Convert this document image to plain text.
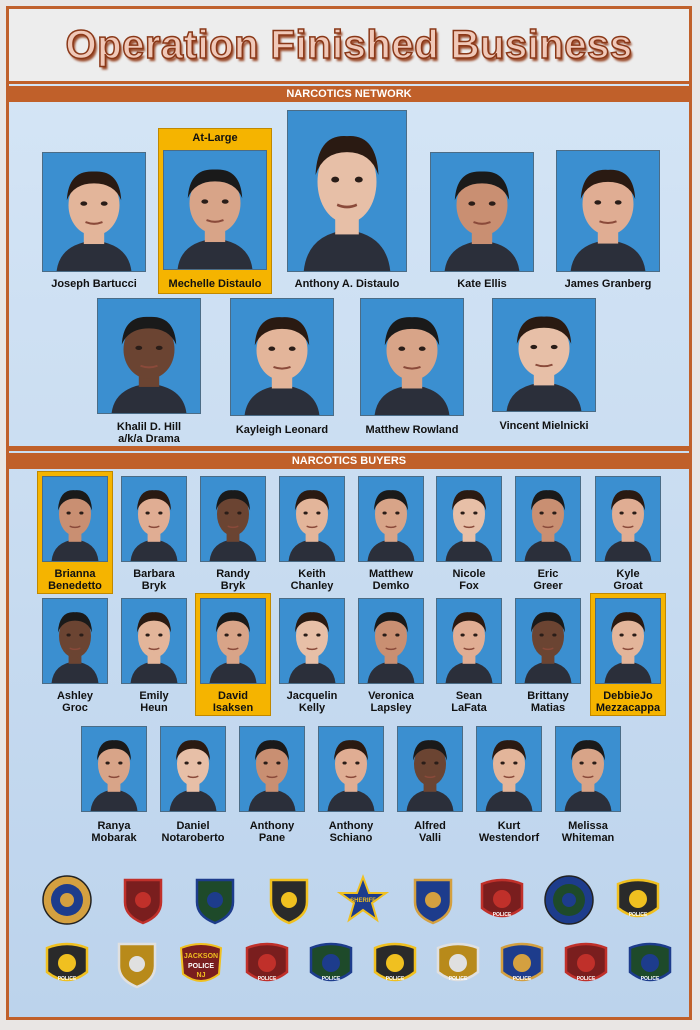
Operation Finished Business
NARCOTICS NETWORK
NARCOTICS BUYERS
Joseph Bartucci
At-Large
Mechelle Distaulo	Anthony A. Distaulo	Kate Ellis	James Granberg
Khalil D. Hill
a/k/a Drama
Kayleigh Leonard	Matthew Rowland	Vincent Mielnicki
Brianna
Benedetto
Barbara
Bryk
Randy
Bryk
Keith
Chanley
Matthew
Demko
Nicole
Fox
Eric
Greer
Kyle
Groat
Ashley
Groc
Emily
Heun
David
Isaksen
Jacquelin
Kelly
Veronica
Lapsley
Sean
LaFata
Brittany
Matias
DebbieJo
Mezzacappa
Ranya
Mobarak
Daniel
Notaroberto
Anthony
Pane
Anthony
Schiano
Alfred
Valli
Kurt
Westendorf
Melissa
Whiteman
SHERIFF
POLICE	POLICE
POLICE
JACKSON
POLICE
NJ	POLICE	POLICE	POLICE	POLICE	POLICE	POLICE	POLICE
